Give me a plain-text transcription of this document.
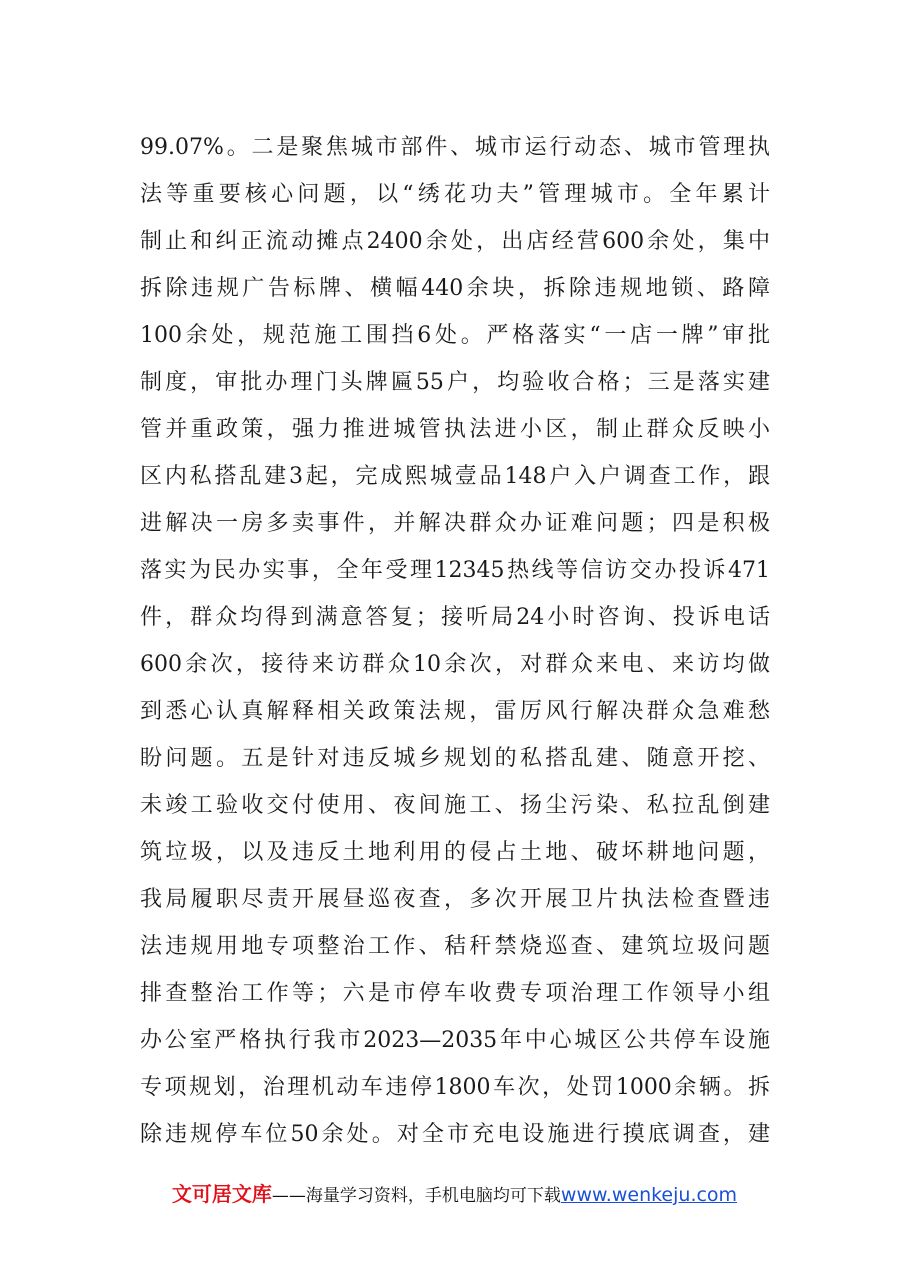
99.07%。二是聚焦城市部件、城市运行动态、城市管理执
法等重要核心问题，以“绣花功夫”管理城市。全年累计
制止和纠正流动摊点2400余处，出店经营600余处，集中
拆除违规广告标牌、横幅440余块，拆除违规地锁、路障
100余处，规范施工围挡6处。严格落实“一店一牌”审批
制度，审批办理门头牌匾55户，均验收合格；三是落实建
管并重政策，强力推进城管执法进小区，制止群众反映小
区内私搭乱建3起，完成熙城壹品148户入户调查工作，跟
进解决一房多卖事件，并解决群众办证难问题；四是积极
落实为民办实事，全年受理12345热线等信访交办投诉471
件，群众均得到满意答复；接听局24小时咨询、投诉电话
600余次，接待来访群众10余次，对群众来电、来访均做
到悉心认真解释相关政策法规，雷厉风行解决群众急难愁
盼问题。五是针对违反城乡规划的私搭乱建、随意开挖、
未竣工验收交付使用、夜间施工、扬尘污染、私拉乱倒建
筑垃圾，以及违反土地利用的侵占土地、破坏耕地问题，
我局履职尽责开展昼巡夜查，多次开展卫片执法检查暨违
法违规用地专项整治工作、秸秆禁烧巡查、建筑垃圾问题
排查整治工作等；六是市停车收费专项治理工作领导小组
办公室严格执行我市2023—2035年中心城区公共停车设施
专项规划，治理机动车违停1800车次，处罚1000余辆。拆
除违规停车位50余处。对全市充电设施进行摸底调查，建
文可居文库——海量学习资料，手机电脑均可下载www.wenkeju.com
